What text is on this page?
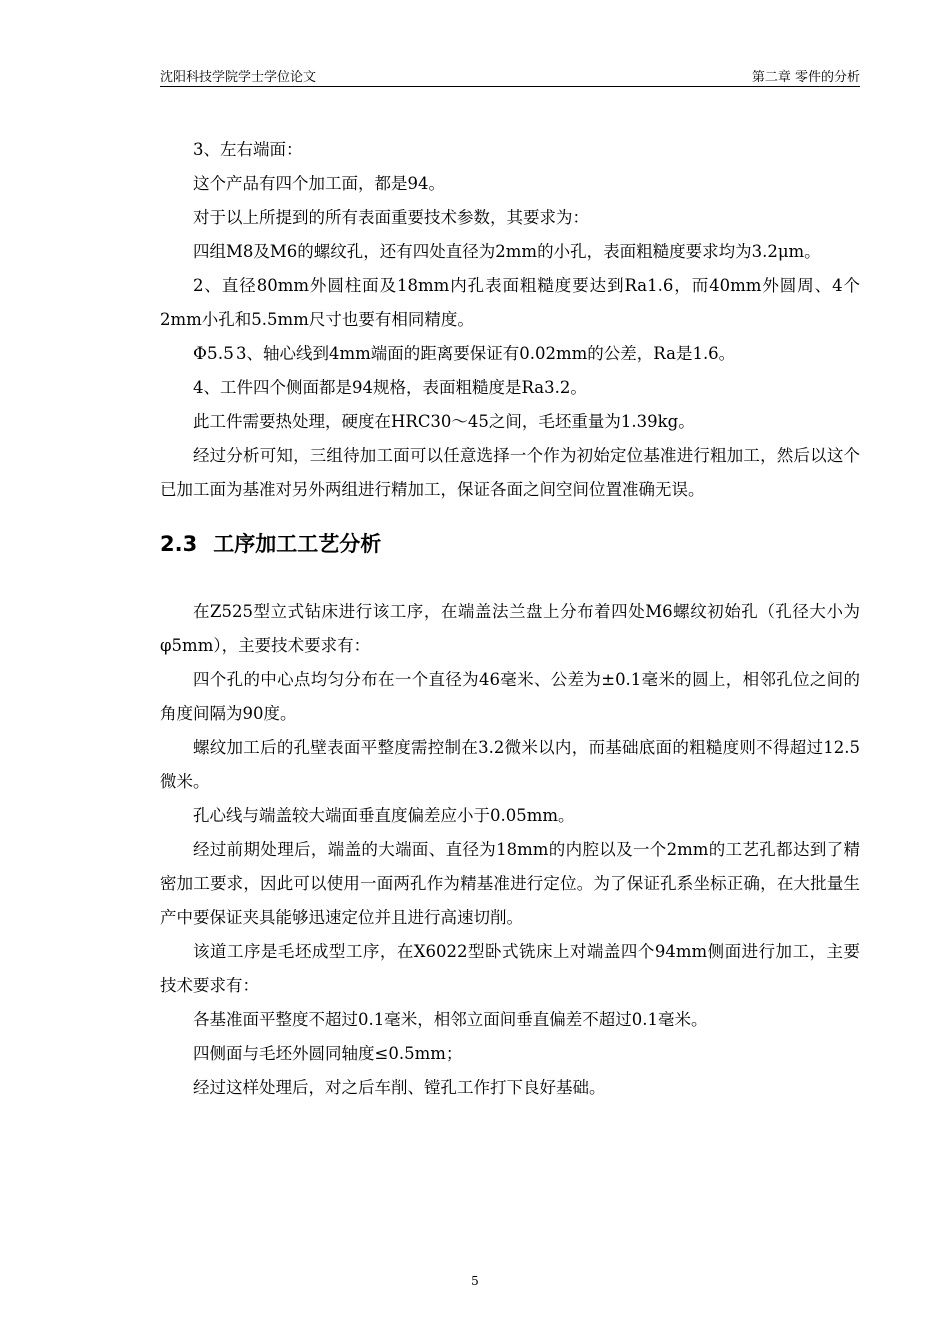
沈阳科技学院学士学位论文	第二章 零件的分析

3、左右端面：

这个产品有四个加工面，都是94。

对于以上所提到的所有表面重要技术参数，其要求为：

四组M8及M6的螺纹孔，还有四处直径为2mm的小孔，表面粗糙度要求均为3.2μm。

2、直径80mm外圆柱面及18mm内孔表面粗糙度要达到Ra1.6，而40mm外圆周、4个2mm小孔和5.5mm尺寸也要有相同精度。

Φ5.5 3、轴心线到4mm端面的距离要保证有0.02mm的公差，Ra是1.6。

4、工件四个侧面都是94规格，表面粗糙度是Ra3.2。

此工件需要热处理，硬度在HRC30～45之间，毛坯重量为1.39kg。

经过分析可知，三组待加工面可以任意选择一个作为初始定位基准进行粗加工，然后以这个已加工面为基准对另外两组进行精加工，保证各面之间空间位置准确无误。

2.3 工序加工工艺分析

在Z525型立式钻床进行该工序，在端盖法兰盘上分布着四处M6螺纹初始孔（孔径大小为φ5mm），主要技术要求有：

四个孔的中心点均匀分布在一个直径为46毫米、公差为±0.1毫米的圆上，相邻孔位之间的角度间隔为90度。

螺纹加工后的孔壁表面平整度需控制在3.2微米以内，而基础底面的粗糙度则不得超过12.5微米。

孔心线与端盖较大端面垂直度偏差应小于0.05mm。

经过前期处理后，端盖的大端面、直径为18mm的内腔以及一个2mm的工艺孔都达到了精密加工要求，因此可以使用一面两孔作为精基准进行定位。为了保证孔系坐标正确，在大批量生产中要保证夹具能够迅速定位并且进行高速切削。

该道工序是毛坯成型工序，在X6022型卧式铣床上对端盖四个94mm侧面进行加工，主要技术要求有：

各基准面平整度不超过0.1毫米，相邻立面间垂直偏差不超过0.1毫米。

四侧面与毛坯外圆同轴度≤0.5mm；

经过这样处理后，对之后车削、镗孔工作打下良好基础。

5
